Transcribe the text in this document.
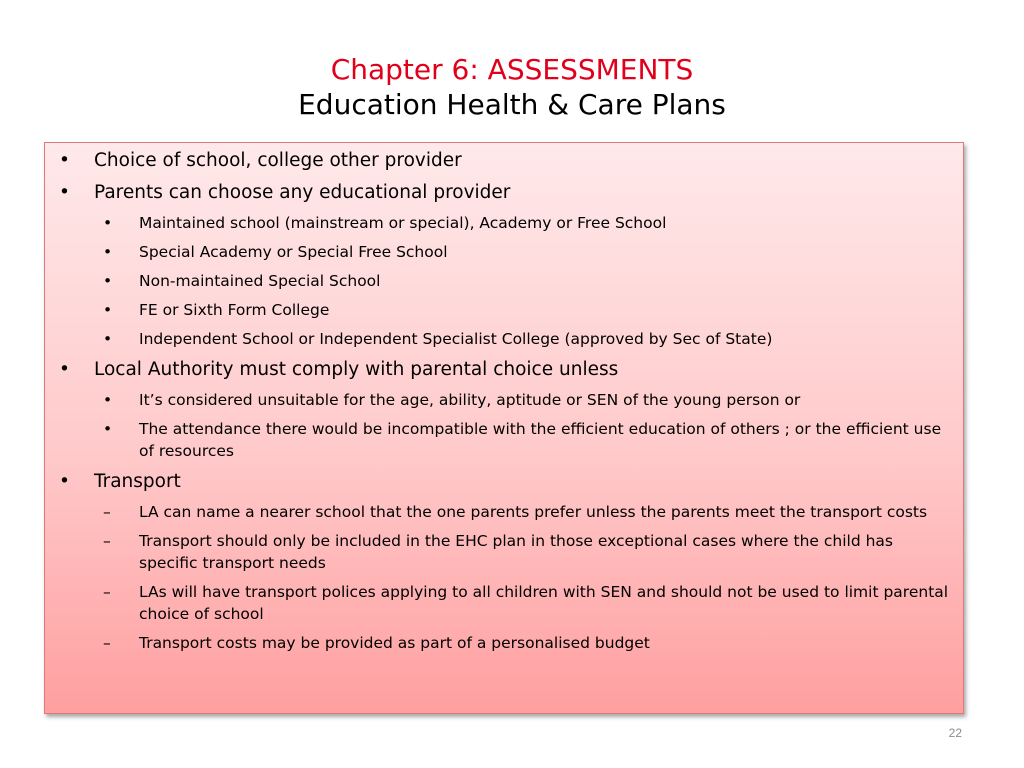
Chapter 6: ASSESSMENTS
Education Health & Care Plans
• Choice of school, college other provider
• Parents can choose any educational provider
• Maintained school (mainstream or special), Academy or Free School
• Special Academy or Special Free School
• Non-maintained Special School
• FE or Sixth Form College
• Independent School or Independent Specialist College (approved by Sec of State)
• Local Authority must comply with parental choice unless
• It’s considered unsuitable for the age, ability, aptitude or SEN of the young person or
• The attendance there would be incompatible with the efficient education of others ; or the efficient use of resources
• Transport
– LA can name a nearer school that the one parents prefer unless the parents meet the transport costs
– Transport should only be included in the EHC plan in those exceptional cases where the child has specific transport needs
– LAs will have transport polices applying to all children with SEN and should not be used to limit parental choice of school
– Transport costs may be provided as part of a personalised budget
22
